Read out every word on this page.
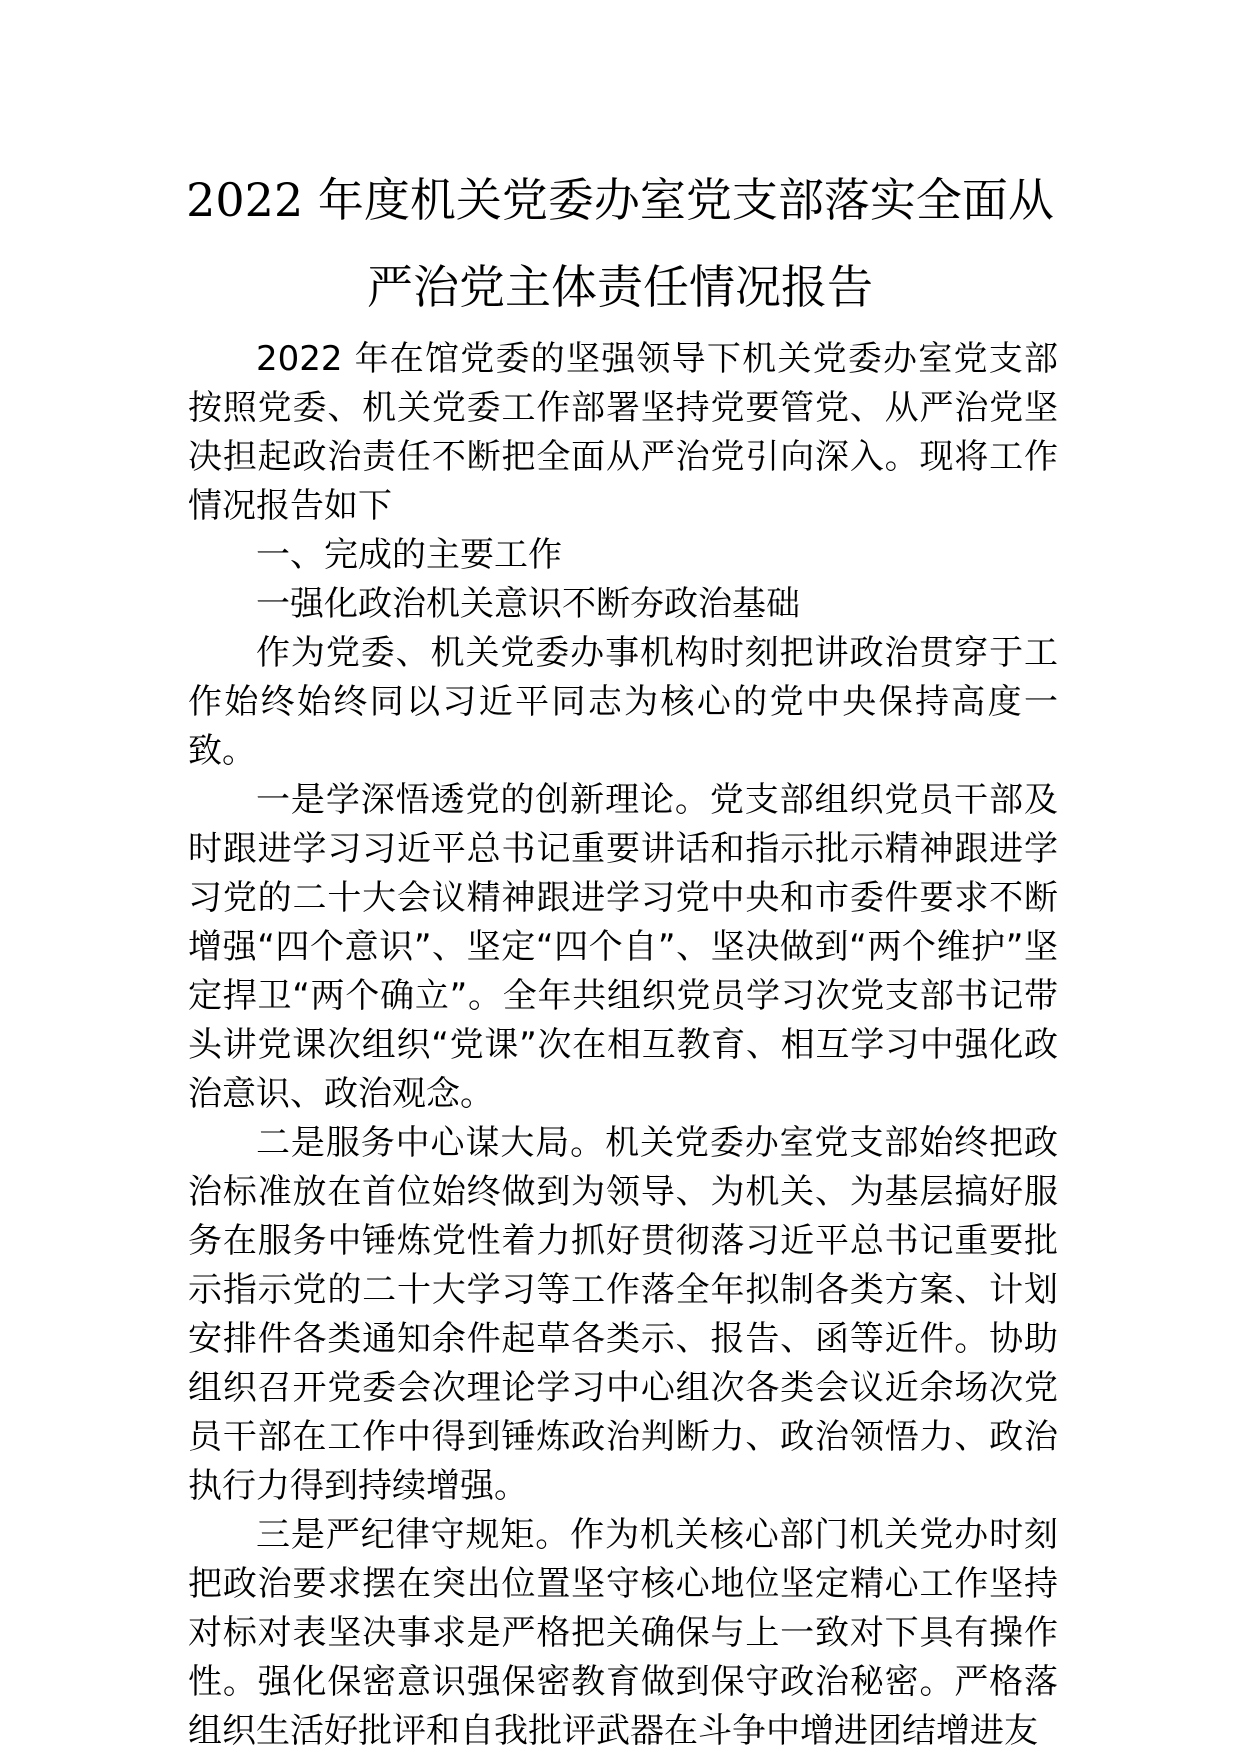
2022 年度机关党委办室党支部落实全面从
严治党主体责任情况报告

2022 年在馆党委的坚强领导下机关党委办室党支部按照党委、机关党委工作部署坚持党要管党、从严治党坚决担起政治责任不断把全面从严治党引向深入。现将工作情况报告如下

一、完成的主要工作

一强化政治机关意识不断夯政治基础

作为党委、机关党委办事机构时刻把讲政治贯穿于工作始终始终同以习近平同志为核心的党中央保持高度一致。

一是学深悟透党的创新理论。党支部组织党员干部及时跟进学习习近平总书记重要讲话和指示批示精神跟进学习党的二十大会议精神跟进学习党中央和市委件要求不断增强“四个意识”、坚定“四个自”、坚决做到“两个维护”坚定捍卫“两个确立”。全年共组织党员学习次党支部书记带头讲党课次组织“党课”次在相互教育、相互学习中强化政治意识、政治观念。

二是服务中心谋大局。机关党委办室党支部始终把政治标准放在首位始终做到为领导、为机关、为基层搞好服务在服务中锤炼党性着力抓好贯彻落习近平总书记重要批示指示党的二十大学习等工作落全年拟制各类方案、计划安排件各类通知余件起草各类示、报告、函等近件。协助组织召开党委会次理论学习中心组次各类会议近余场次党员干部在工作中得到锤炼政治判断力、政治领悟力、政治执行力得到持续增强。

三是严纪律守规矩。作为机关核心部门机关党办时刻把政治要求摆在突出位置坚守核心地位坚定精心工作坚持对标对表坚决事求是严格把关确保与上一致对下具有操作性。强化保密意识强保密教育做到保守政治秘密。严格落组织生活好批评和自我批评武器在斗争中增进团结增进友
